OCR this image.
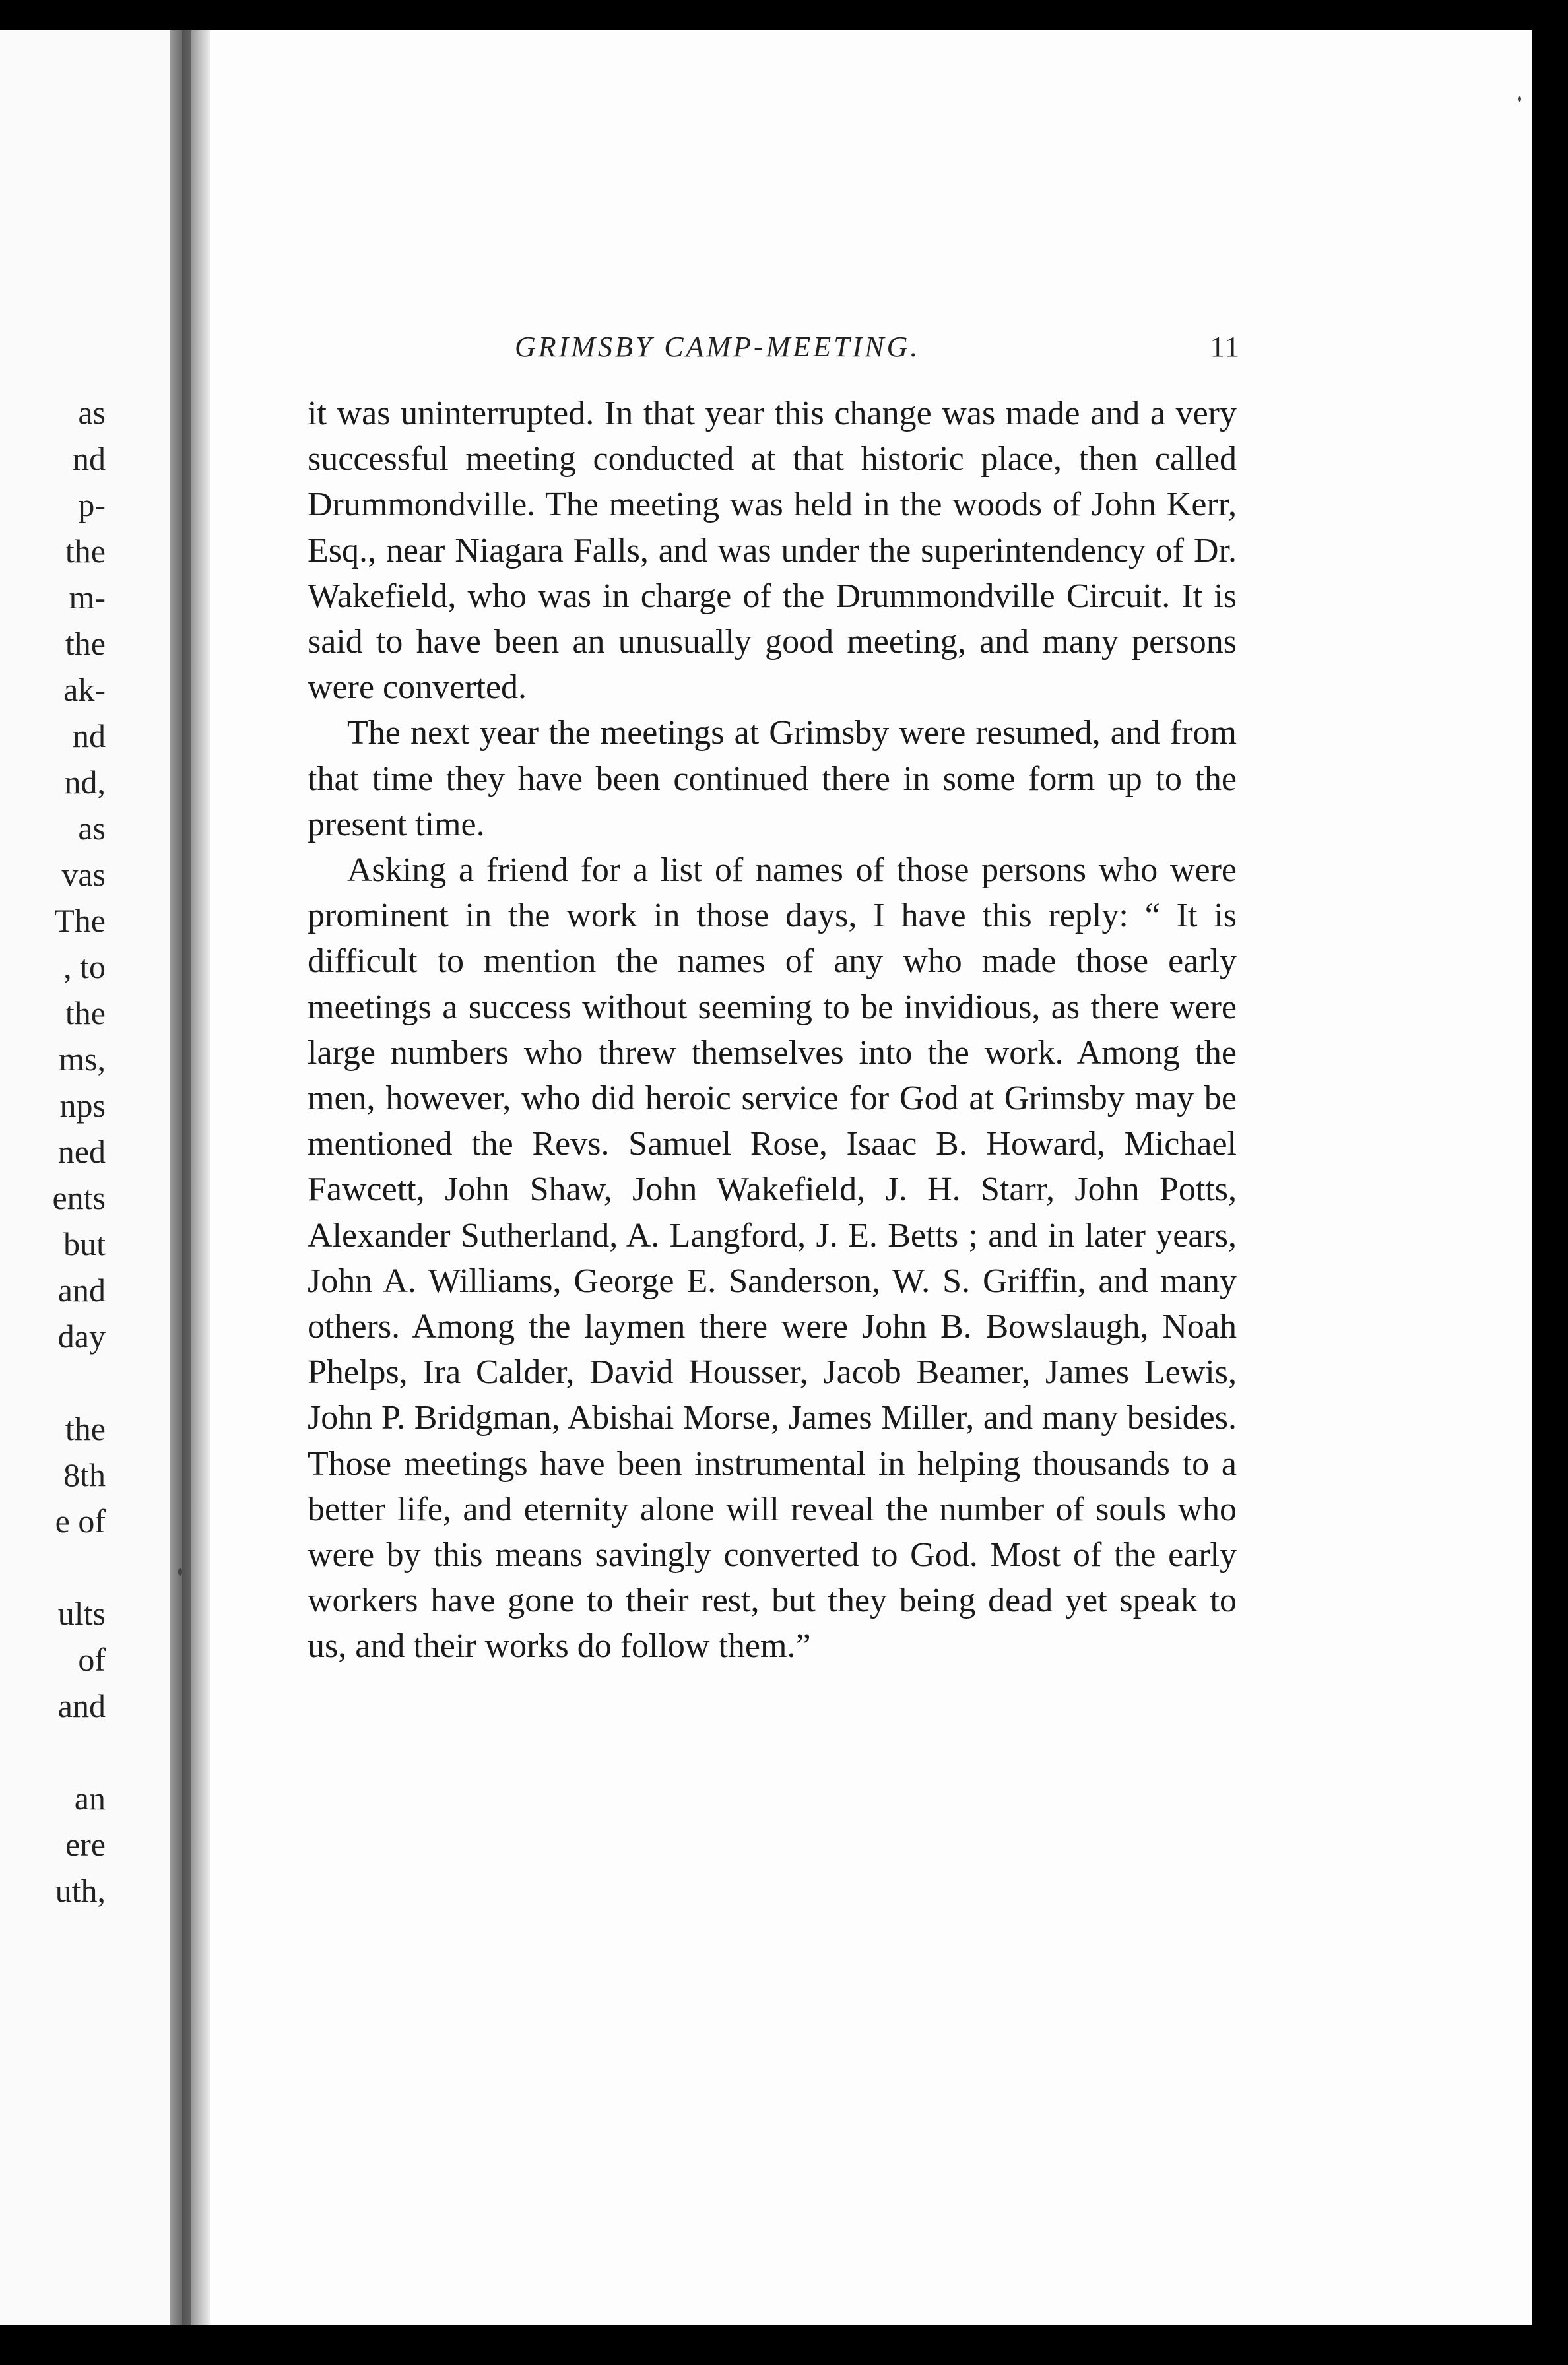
as
nd
p-
the
m-
the
ak-
nd
nd,
as
vas
The
, to
the
ms,
nps
ned
ents
but
and
day
the
8th
e of
ults
of
and
an
ere
uth,
GRIMSBY CAMP-MEETING.	11

it was uninterrupted. In that year this change was made and a very successful meeting conducted at that historic place, then called Drummondville. The meeting was held in the woods of John Kerr, Esq., near Niagara Falls, and was under the superintendency of Dr. Wakefield, who was in charge of the Drummondville Circuit. It is said to have been an unusually good meeting, and many persons were converted.

The next year the meetings at Grimsby were resumed, and from that time they have been continued there in some form up to the present time.

Asking a friend for a list of names of those persons who were prominent in the work in those days, I have this reply: “ It is difficult to mention the names of any who made those early meetings a success without seeming to be invidious, as there were large numbers who threw themselves into the work. Among the men, however, who did heroic service for God at Grimsby may be mentioned the Revs. Samuel Rose, Isaac B. Howard, Michael Fawcett, John Shaw, John Wakefield, J. H. Starr, John Potts, Alexander Sutherland, A. Langford, J. E. Betts ; and in later years, John A. Williams, George E. Sanderson, W. S. Griffin, and many others. Among the laymen there were John B. Bowslaugh, Noah Phelps, Ira Calder, David Housser, Jacob Beamer, James Lewis, John P. Bridgman, Abishai Morse, James Miller, and many besides. Those meetings have been instrumental in helping thousands to a better life, and eternity alone will reveal the number of souls who were by this means savingly converted to God. Most of the early workers have gone to their rest, but they being dead yet speak to us, and their works do follow them.”
